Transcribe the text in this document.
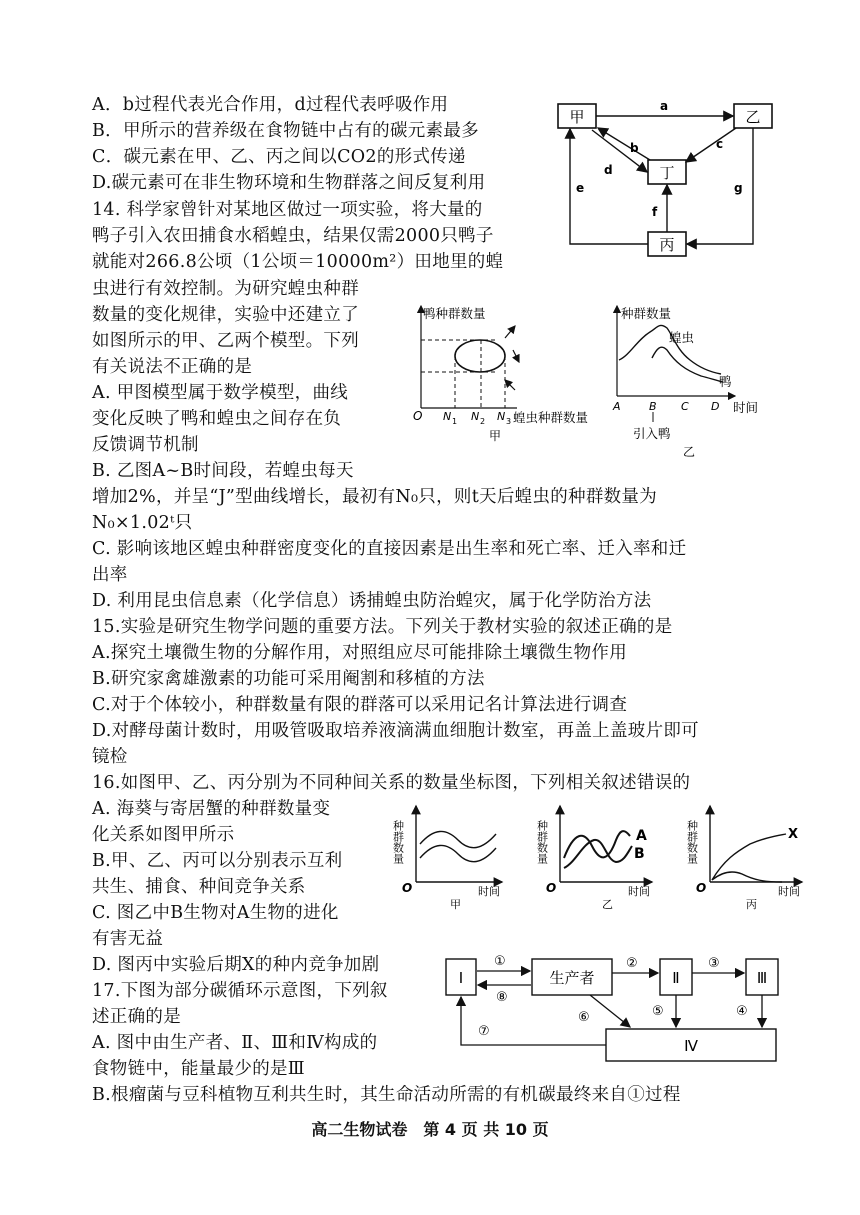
A．b过程代表光合作用，d过程代表呼吸作用
B．甲所示的营养级在食物链中占有的碳元素最多
C．碳元素在甲、乙、丙之间以CO2的形式传递
D.碳元素可在非生物环境和生物群落之间反复利用
14. 科学家曾针对某地区做过一项实验，将大量的
鸭子引入农田捕食水稻蝗虫，结果仅需2000只鸭子
就能对266.8公顷（1公顷＝10000m²）田地里的蝗
虫进行有效控制。为研究蝗虫种群
数量的变化规律，实验中还建立了
如图所示的甲、乙两个模型。下列
有关说法不正确的是
A. 甲图模型属于数学模型，曲线
变化反映了鸭和蝗虫之间存在负
反馈调节机制
B. 乙图A~B时间段，若蝗虫每天
增加2%，并呈“J”型曲线增长，最初有N₀只，则t天后蝗虫的种群数量为
N₀×1.02ᵗ只
C. 影响该地区蝗虫种群密度变化的直接因素是出生率和死亡率、迁入率和迁
出率
D. 利用昆虫信息素（化学信息）诱捕蝗虫防治蝗灾，属于化学防治方法
15.实验是研究生物学问题的重要方法。下列关于教材实验的叙述正确的是
A.探究土壤微生物的分解作用，对照组应尽可能排除土壤微生物作用
B.研究家禽雄激素的功能可采用阉割和移植的方法
C.对于个体较小，种群数量有限的群落可以采用记名计算法进行调查
D.对酵母菌计数时，用吸管吸取培养液滴满血细胞计数室，再盖上盖玻片即可
镜检
16.如图甲、乙、丙分别为不同种间关系的数量坐标图，下列相关叙述错误的
A. 海葵与寄居蟹的种群数量变
化关系如图甲所示
B.甲、乙、丙可以分别表示互利
共生、捕食、种间竞争关系
C. 图乙中B生物对A生物的进化
有害无益
D. 图丙中实验后期X的种内竞争加剧
17.下图为部分碳循环示意图，下列叙
述正确的是
A. 图中由生产者、Ⅱ、Ⅲ和Ⅳ构成的
食物链中，能量最少的是Ⅲ
B.根瘤菌与豆科植物互利共生时，其生命活动所需的有机碳最终来自①过程
甲	乙
丁
丙
a
c
b
d
e
f
g
鸭种群数量
O N 1 N 2 N 3 蝗虫种群数量
甲
种群数量
蝗虫
鸭
A	B C D 时间
引入鸭
乙
种群数量
O	时间
甲
种群数量
O	时间
乙
A
B	种群数量
O	时间
丙
X
Ⅰ	生产者	Ⅱ	Ⅲ
Ⅳ
①
⑧
②	③
⑤	④
⑥
⑦
高二生物试卷　第 4 页 共 10 页
